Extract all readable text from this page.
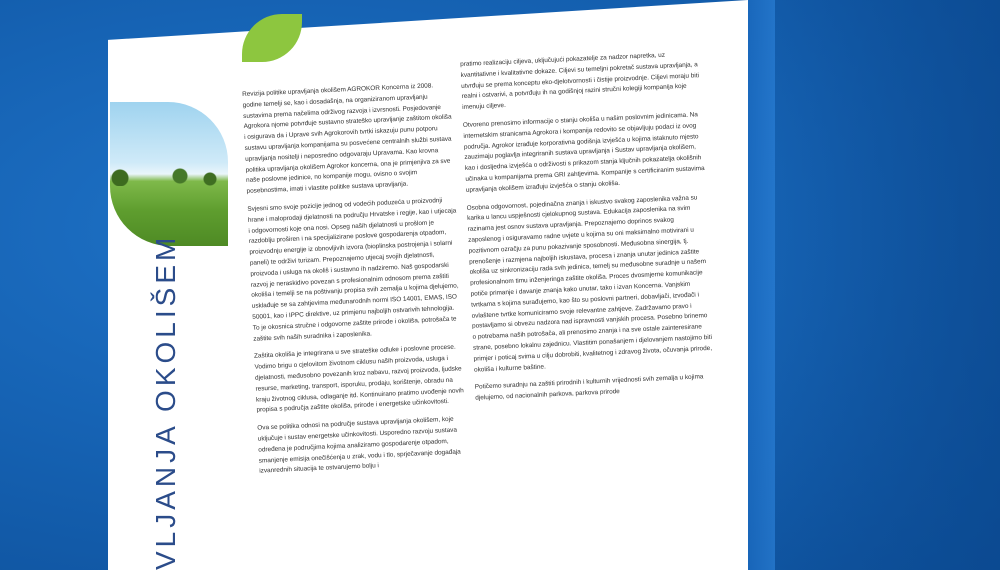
VLJANJA OKOLIŠEM

Revizija politike upravljanja okolišem AGROKOR Koncerna iz 2008. godine temelji se, kao i dosadašnja, na organiziranom upravljanju sustavima prema načelima održivog razvoja i izvrsnosti. Posjedovanje Agrokora njome potvrđuje sustavno strateško upravljanje zaštitom okoliša i osigurava da i Uprave svih Agrokorovih tvrtki iskazuju punu potporu sustavu upravljanja kompanijama su posvećene centralnih službi sustava upravljanja nositelji i neposredno odgovaraju Upravama. Kao krovna politika upravljanja okolišem Agrokor koncerna, ona je primjenjiva za sve naše poslovne jedinice, no kompanije mogu, ovisno o svojim posebnostima, imati i vlastite politike sustava upravljanja.

Svjesni smo svoje pozicije jednog od vodećih poduzeća u proizvodnji hrane i maloprodaji djelatnosti na području Hrvatske i regije, kao i utjecaja i odgovornosti koje ona nosi. Opseg naših djelatnosti u prošlom je razdoblju proširen i na specijalizirane poslove gospodarenja otpadom, proizvodnju energije iz obnovljivih izvora (bioplinska postrojenja i solarni paneli) te održivi turizam. Prepoznajemo utjecaj svojih djelatnosti, proizvoda i usluga na okoliš i sustavno ih nadziremo. Naš gospodarski razvoj je neraskidivo povezan s profesionalnim odnosom prema zaštiti okoliša i temelji se na poštivanju propisa svih zemalja u kojima djelujemo, usklađuje se sa zahtjevima međunarodnih normi ISO 14001, EMAS, ISO 50001, kao i IPPC direktive, uz primjenu najboljih ostvarivih tehnologija. To je okosnica stručne i odgovorne zaštite prirode i okoliša, potrošača te zaštite svih naših suradnika i zaposlenika.

Zaštita okoliša je integrirana u sve strateške odluke i poslovne procese. Vodimo brigu o cjelovitom životnom ciklusu naših proizvoda, usluga i djelatnosti, međusobno povezanih kroz nabavu, razvoj proizvoda, ljudske resurse, marketing, transport, isporuku, prodaju, korištenje, obradu na kraju životnog ciklusa, odlaganje itd. Kontinuirano pratimo uvođenje novih propisa s područja zaštite okoliša, prirode i energetske učinkovitosti.

Ova se politika odnosi na područje sustava upravljanja okolišem, koje uključuje i sustav energetske učinkovitosti. Usporedno razvoju sustava određena je područjima kojima analiziramo gospodarenje otpadom, smanjenje emisija onečišćenja u zrak, vodu i tlo, sprječavanje događaja izvanrednih situacija te ostvarujemo bolju i

pratimo realizaciju ciljeva, uključujući pokazatelje za nadzor napretka, uz kvantitativne i kvalitativne dokaze. Ciljevi su temeljni pokretač sustava upravljanja, a utvrđuju se prema konceptu eko-djelotvornosti i čistije proizvodnje. Ciljevi moraju biti realni i ostvarivi, a potvrđuju ih na godišnjoj razini stručni kolegiji kompanija koje imenuju ciljeve.

Otvoreno prenosimo informacije o stanju okoliša u našim poslovnim jedinicama. Na internetskim stranicama Agrokora i kompanija redovito se objavljuju podaci iz ovog područja. Agrokor izrađuje korporativna godišnja izvješća u kojima istaknuto mjesto zauzimaju poglavlja integriranih sustava upravljanja i Sustav upravljanja okolišem, kao i dosljedna izvješća o održivosti s prikazom stanja ključnih pokazatelja okolišnih učinaka u kompanijama prema GRI zahtjevima. Kompanije s certificiranim sustavima upravljanja okolišem izrađuju izvješća o stanju okoliša.

Osobna odgovornost, pojedinačna znanja i iskustvo svakog zaposlenika važna su karika u lancu uspješnosti cjelokupnog sustava. Edukacija zaposlenika na svim razinama jest osnov sustava upravljanja. Prepoznajemo doprinos svakog zaposlenog i osiguravamo radne uvjete u kojima su oni maksimalno motivirani u pozitivnom ozračju za punu pokazivanje sposobnosti. Međusobna sinergija, tj. prenošenje i razmjena najboljih iskustava, procesa i znanja unutar jedinica zaštite okoliša uz sinkronizaciju rada svih jedinica, temelj su međusobne suradnje u našem profesionalnom timu inženjeringa zaštite okoliša. Proces dvosmjerne komunikacije potiče primanje i davanje znanja kako unutar, tako i izvan Koncerna. Vanjskim tvrtkama s kojima surađujemo, kao što su poslovni partneri, dobavljači, izvođači i ovlaštene tvrtke komuniciramo svoje relevantne zahtjeve. Zadržavamo pravo i postavljamo si obvezu nadzora nad ispravnosti vanjskih procesa. Posebno brinemo o potrebama naših potrošača, ali prenosimo znanja i na sve ostale zainteresirane strane, posebno lokalnu zajednicu. Vlastitim ponašanjem i djelovanjem nastojimo biti primjer i poticaj svima u cilju dobrobiti, kvalitetnog i zdravog života, očuvanja prirode, okoliša i kulturne baštine.

Potičemo suradnju na zaštiti prirodnih i kulturnih vrijednosti svih zemalja u kojima djelujemo, od nacionalnih parkova, parkova prirode
